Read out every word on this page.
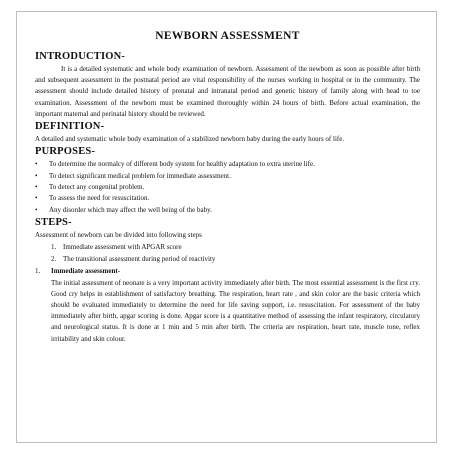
NEWBORN ASSESSMENT
INTRODUCTION-

It is a detailed systematic and whole body examination of newborn. Assessment of the newborn as soon as possible after birth and subsequent assessment in the postnatal period are vital responsibility of the nurses working in hospital or in the community. The assessment should include detailed history of prenatal and intranatal period and genetic history of family along with head to toe examination. Assessment of the newborn must be examined thoroughly within 24 hours of birth. Before actual examination, the important maternal and perinatal history should be reviewed.

DEFINITION-

A detailed and systematic whole body examination of a stabilized newborn baby during the early hours of life.

PURPOSES-
•	To determine the normalcy of different body system for healthy adaptation to extra uterine life.
•	To detect significant medical problem for immediate assessment.
•	To detect any congenital problem.
•	To assess the need for resuscitation.
•	Any disorder which may affect the well being of the baby.
STEPS-

Assessment of newborn can be divided into following steps

1. Immediate assessment with APGAR score
2. The transitional assessment during period of reactivity
1. Immediate assessment-

The initial assessment of neonate is a very important activity immediately after birth. The most essential assessment is the first cry. Good cry helps in establishment of satisfactory breathing. The respiration, heart rate , and skin color are the basic criteria which should be evaluated immediately to determine the need for life saving support, i.e. resuscitation. For assessment of the baby immediately after birth, apgar scoring is done. Apgar score is a quantitative method of assessing the infant respiratory, circulatory and neurological status. It is done at 1 min and 5 min after birth. The criteria are respiration, heart rate, muscle tone, reflex irritability and skin colour.
